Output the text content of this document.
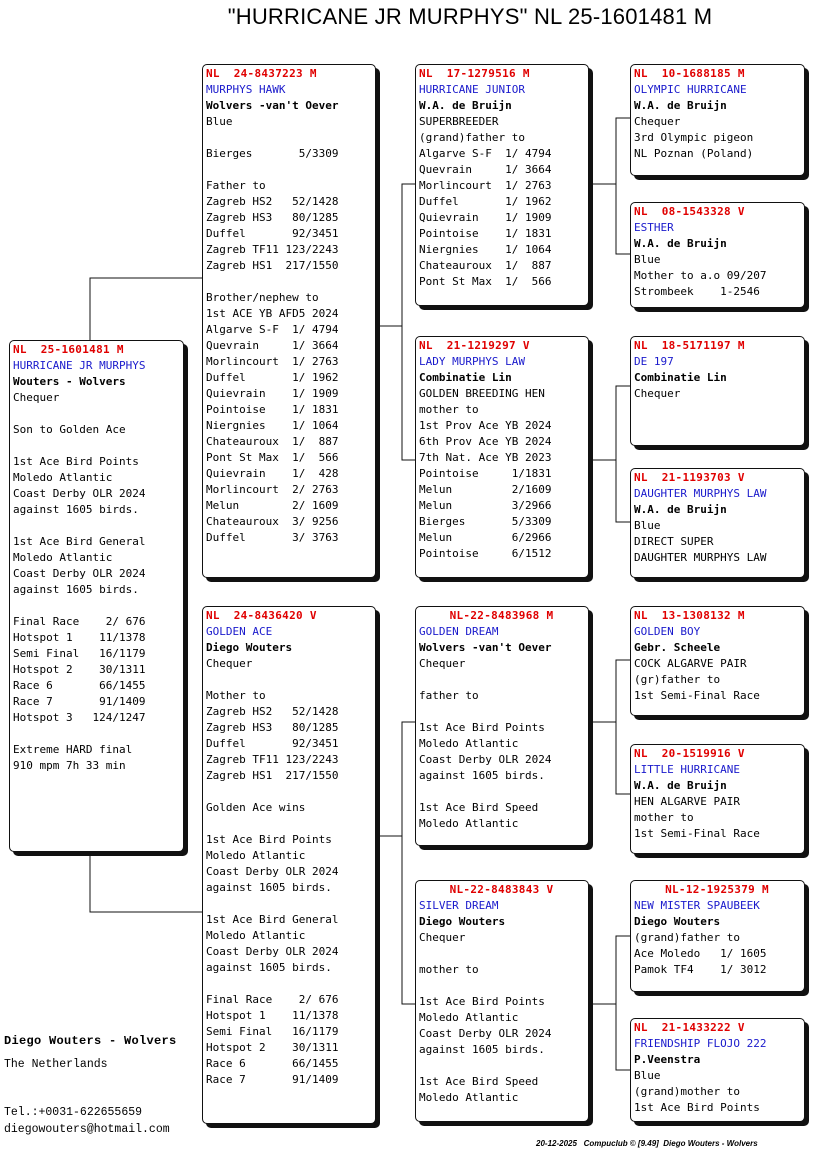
"HURRICANE JR MURPHYS" NL 25-1601481 M
NL  25-1601481 M
HURRICANE JR MURPHYS
Wouters - Wolvers
Chequer
Son to Golden Ace
1st Ace Bird Points
Moledo Atlantic
Coast Derby OLR 2024
against 1605 birds.
1st Ace Bird General
Moledo Atlantic
Coast Derby OLR 2024
against 1605 birds.
Final Race    2/ 676
Hotspot 1    11/1378
Semi Final   16/1179
Hotspot 2    30/1311
Race 6       66/1455
Race 7       91/1409
Hotspot 3   124/1247
Extreme HARD final
910 mpm 7h 33 min
NL  24-8437223 M
MURPHYS HAWK
Wolvers -van't Oever
Blue
Bierges       5/3309
Father to
Zagreb HS2   52/1428
Zagreb HS3   80/1285
Duffel       92/3451
Zagreb TF11 123/2243
Zagreb HS1  217/1550
Brother/nephew to
1st ACE YB AFD5 2024
Algarve S-F  1/ 4794
Quevrain     1/ 3664
Morlincourt  1/ 2763
Duffel       1/ 1962
Quievrain    1/ 1909
Pointoise    1/ 1831
Niergnies    1/ 1064
Chateauroux  1/  887
Pont St Max  1/  566
Quievrain    1/  428
Morlincourt  2/ 2763
Melun        2/ 1609
Chateauroux  3/ 9256
Duffel       3/ 3763
NL  24-8436420 V
GOLDEN ACE
Diego Wouters
Chequer
Mother to
Zagreb HS2   52/1428
Zagreb HS3   80/1285
Duffel       92/3451
Zagreb TF11 123/2243
Zagreb HS1  217/1550
Golden Ace wins
1st Ace Bird Points
Moledo Atlantic
Coast Derby OLR 2024
against 1605 birds.
1st Ace Bird General
Moledo Atlantic
Coast Derby OLR 2024
against 1605 birds.
Final Race    2/ 676
Hotspot 1    11/1378
Semi Final   16/1179
Hotspot 2    30/1311
Race 6       66/1455
Race 7       91/1409
NL  17-1279516 M
HURRICANE JUNIOR
W.A. de Bruijn
SUPERBREEDER
(grand)father to
Algarve S-F  1/ 4794
Quevrain     1/ 3664
Morlincourt  1/ 2763
Duffel       1/ 1962
Quievrain    1/ 1909
Pointoise    1/ 1831
Niergnies    1/ 1064
Chateauroux  1/  887
Pont St Max  1/  566
NL  21-1219297 V
LADY MURPHYS LAW
Combinatie Lin
GOLDEN BREEDING HEN
mother to
1st Prov Ace YB 2024
6th Prov Ace YB 2024
7th Nat. Ace YB 2023
Pointoise     1/1831
Melun         2/1609
Melun         3/2966
Bierges       5/3309
Melun         6/2966
Pointoise     6/1512
NL-22-8483968 M
GOLDEN DREAM
Wolvers -van't Oever
Chequer
father to
1st Ace Bird Points
Moledo Atlantic
Coast Derby OLR 2024
against 1605 birds.
1st Ace Bird Speed
Moledo Atlantic
NL-22-8483843 V
SILVER DREAM
Diego Wouters
Chequer
mother to
1st Ace Bird Points
Moledo Atlantic
Coast Derby OLR 2024
against 1605 birds.
1st Ace Bird Speed
Moledo Atlantic
NL  10-1688185 M
OLYMPIC HURRICANE
W.A. de Bruijn
Chequer
3rd Olympic pigeon
NL Poznan (Poland)
NL  08-1543328 V
ESTHER
W.A. de Bruijn
Blue
Mother to a.o 09/207
Strombeek    1-2546
NL  18-5171197 M
DE 197
Combinatie Lin
Chequer
NL  21-1193703 V
DAUGHTER MURPHYS LAW
W.A. de Bruijn
Blue
DIRECT SUPER
DAUGHTER MURPHYS LAW
NL  13-1308132 M
GOLDEN BOY
Gebr. Scheele
COCK ALGARVE PAIR
(gr)father to
1st Semi-Final Race
NL  20-1519916 V
LITTLE HURRICANE
W.A. de Bruijn
HEN ALGARVE PAIR
mother to
1st Semi-Final Race
NL-12-1925379 M
NEW MISTER SPAUBEEK
Diego Wouters
(grand)father to
Ace Moledo   1/ 1605
Pamok TF4    1/ 3012
NL  21-1433222 V
FRIENDSHIP FLOJO 222
P.Veenstra
Blue
(grand)mother to
1st Ace Bird Points
Diego Wouters - Wolvers
The Netherlands
Tel.:+0031-622655659
diegowouters@hotmail.com
20-12-2025   Compuclub © [9.49]  Diego Wouters - Wolvers
